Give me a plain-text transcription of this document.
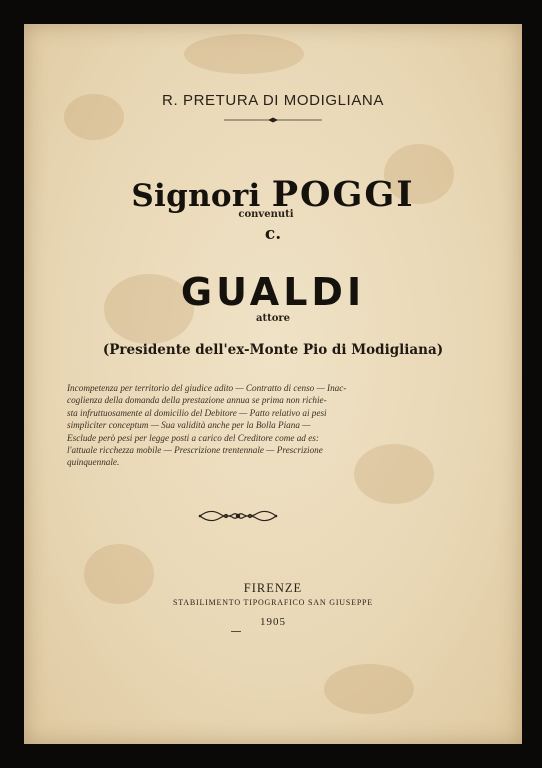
R. PRETURA DI MODIGLIANA
Signori POGGI
convenuti
c.
GUALDI
attore
(Presidente dell'ex-Monte Pio di Modigliana)
Incompetenza per territorio del giudice adito — Contratto di censo — Inac-
coglienza della domanda della prestazione annua se prima non richie-
sta infruttuosamente al domicilio del Debitore — Patto relativo ai pesi
simpliciter conceptum — Sua validità anche per la Bolla Piana —
Esclude però pesi per legge posti a carico del Creditore come ad es:
l'attuale ricchezza mobile — Prescrizione trentennale — Prescrizione
quinquennale.
FIRENZE
STABILIMENTO TIPOGRAFICO SAN GIUSEPPE
1905
